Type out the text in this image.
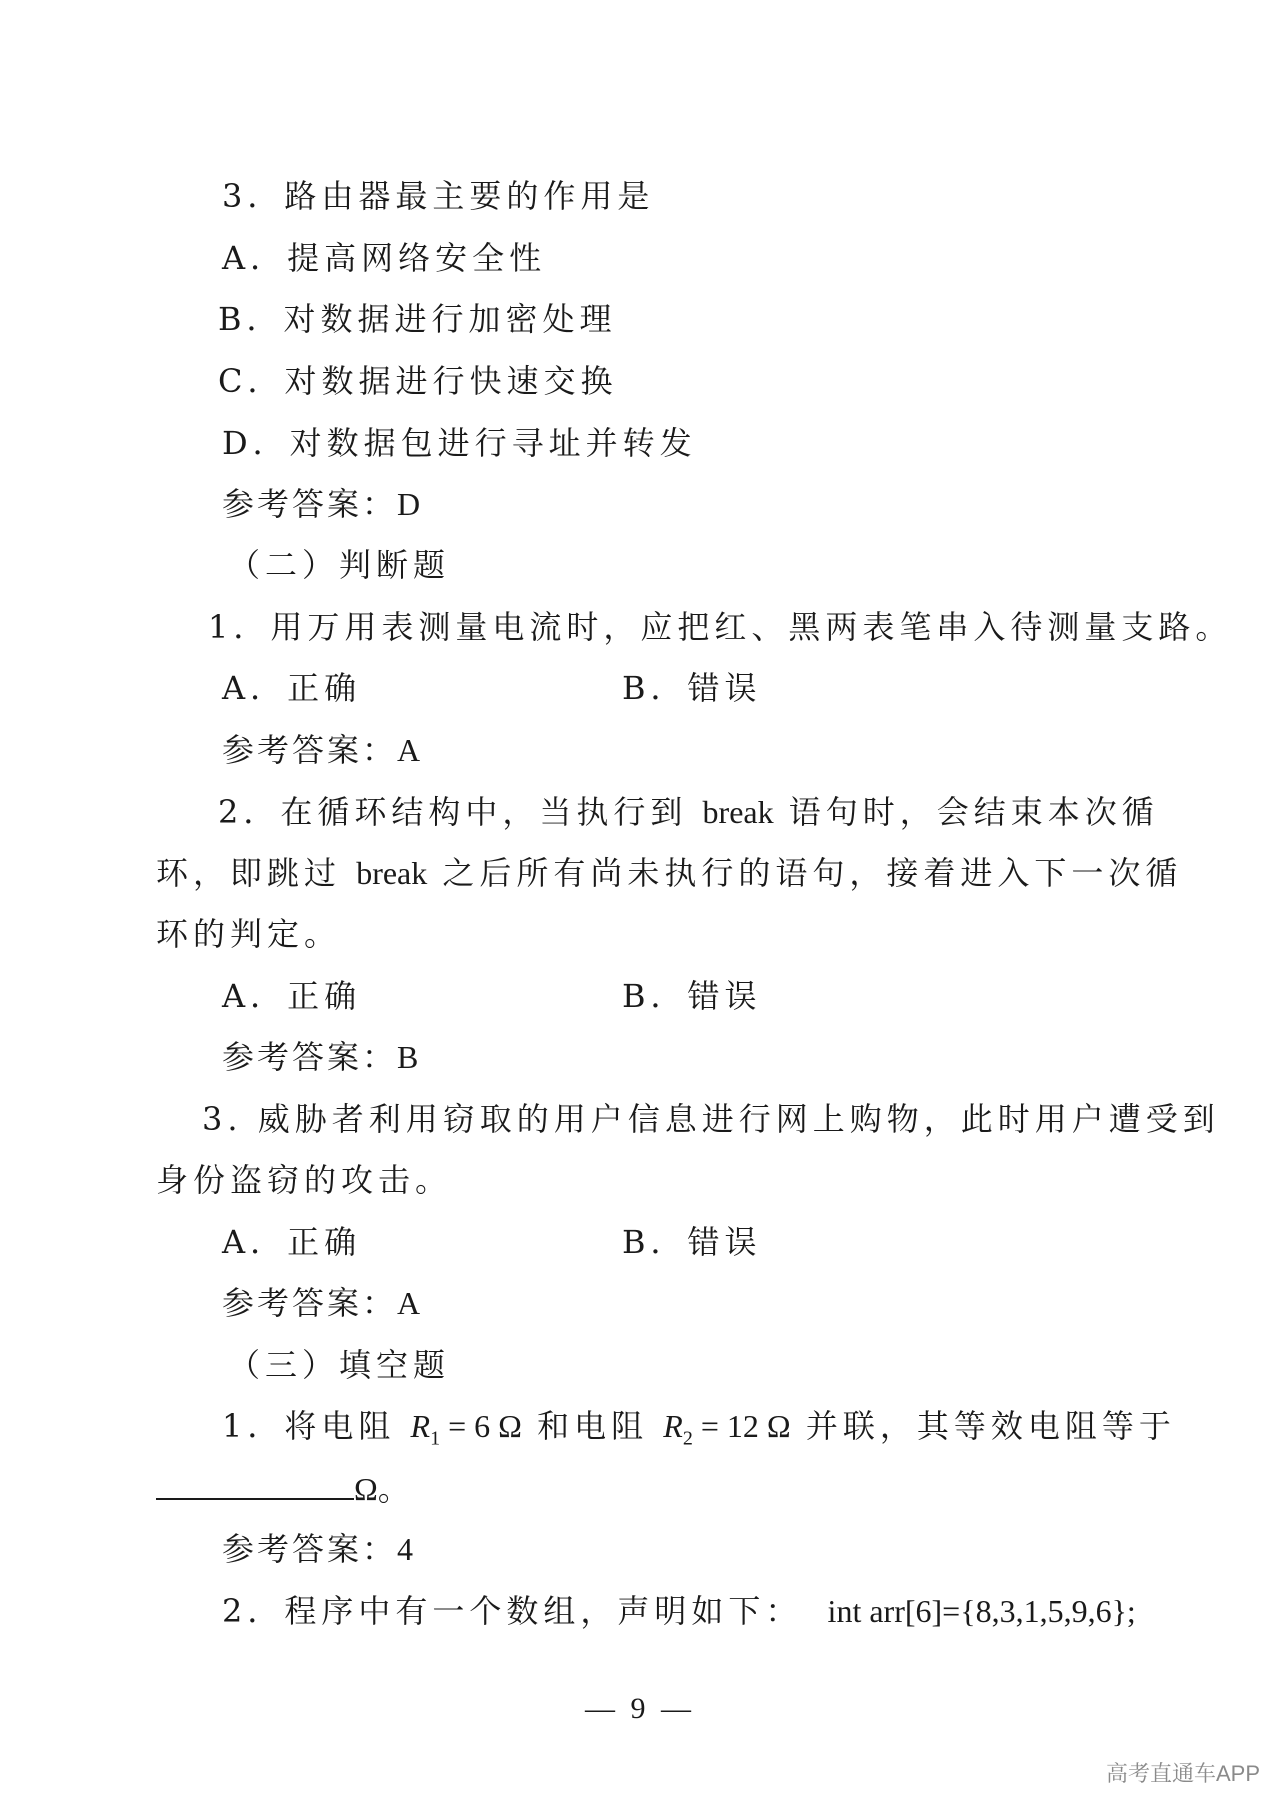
3．路由器最主要的作用是
A．提高网络安全性
B．对数据进行加密处理
C．对数据进行快速交换
D．对数据包进行寻址并转发
参考答案：D
（二）判断题
1．用万用表测量电流时，应把红、黑两表笔串入待测量支路。
A．正确	B．错误
参考答案：A
2．在循环结构中，当执行到 break 语句时，会结束本次循
环，即跳过 break 之后所有尚未执行的语句，接着进入下一次循
环的判定。
A．正确	B．错误
参考答案：B
3. 威胁者利用窃取的用户信息进行网上购物，此时用户遭受到
身份盗窃的攻击。
A．正确	B．错误
参考答案：A
（三）填空题
1．将电阻 $R_1 = 6$ Ω 和电阻 $R_2 = 12$ Ω 并联，其等效电阻等于
Ω。
参考答案：4
2．程序中有一个数组，声明如下： int arr[6]={8,3,1,5,9,6};
— 9 —
高考直通车APP
